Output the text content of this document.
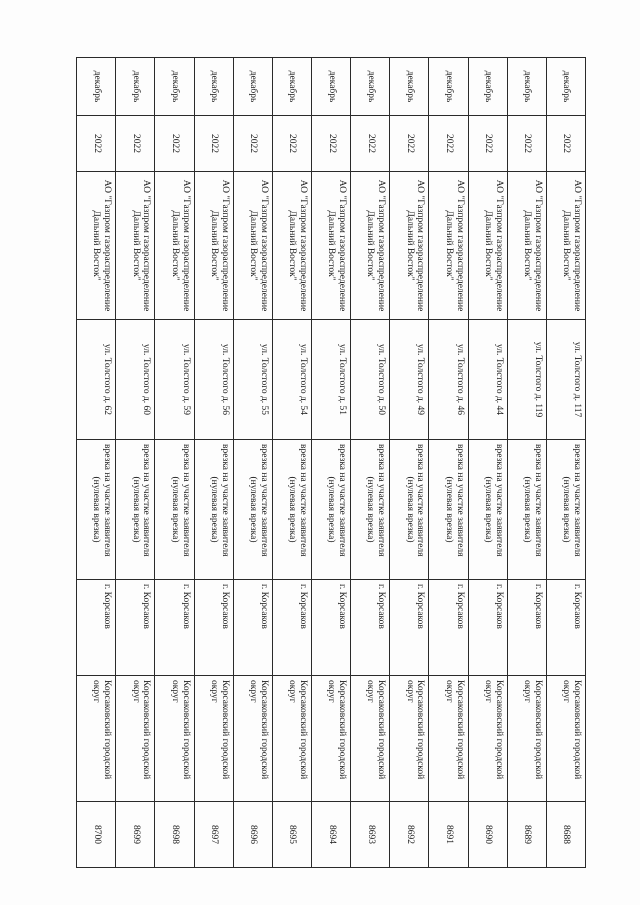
декабрь	2022	АО "Газпром газораспределение Дальний Восток"	ул. Толстого д. 117	врезка на участке заявителя
(нулевая врезка)	г. Корсаков	Корсаковский городской округ	8688
декабрь	2022	АО "Газпром газораспределение Дальний Восток"	ул. Толстого д. 119	врезка на участке заявителя
(нулевая врезка)	г. Корсаков	Корсаковский городской округ	8689
декабрь	2022	АО "Газпром газораспределение Дальний Восток"	ул. Толстого д. 44	врезка на участке заявителя
(нулевая врезка)	г. Корсаков	Корсаковский городской округ	8690
декабрь	2022	АО "Газпром газораспределение Дальний Восток"	ул. Толстого д. 46	врезка на участке заявителя
(нулевая врезка)	г. Корсаков	Корсаковский городской округ	8691
декабрь	2022	АО "Газпром газораспределение Дальний Восток"	ул. Толстого д. 49	врезка на участке заявителя
(нулевая врезка)	г. Корсаков	Корсаковский городской округ	8692
декабрь	2022	АО "Газпром газораспределение Дальний Восток"	ул. Толстого д. 50	врезка на участке заявителя
(нулевая врезка)	г. Корсаков	Корсаковский городской округ	8693
декабрь	2022	АО "Газпром газораспределение Дальний Восток"	ул. Толстого д. 51	врезка на участке заявителя
(нулевая врезка)	г. Корсаков	Корсаковский городской округ	8694
декабрь	2022	АО "Газпром газораспределение Дальний Восток"	ул. Толстого д. 54	врезка на участке заявителя
(нулевая врезка)	г. Корсаков	Корсаковский городской округ	8695
декабрь	2022	АО "Газпром газораспределение Дальний Восток"	ул. Толстого д. 55	врезка на участке заявителя
(нулевая врезка)	г. Корсаков	Корсаковский городской округ	8696
декабрь	2022	АО "Газпром газораспределение Дальний Восток"	ул. Толстого д. 56	врезка на участке заявителя
(нулевая врезка)	г. Корсаков	Корсаковский городской округ	8697
декабрь	2022	АО "Газпром газораспределение Дальний Восток"	ул. Толстого д. 59	врезка на участке заявителя
(нулевая врезка)	г. Корсаков	Корсаковский городской округ	8698
декабрь	2022	АО "Газпром газораспределение Дальний Восток"	ул. Толстого д. 60	врезка на участке заявителя
(нулевая врезка)	г. Корсаков	Корсаковский городской округ	8699
декабрь	2022	АО "Газпром газораспределение Дальний Восток"	ул. Толстого д. 62	врезка на участке заявителя
(нулевая врезка)	г. Корсаков	Корсаковский городской округ	8700
